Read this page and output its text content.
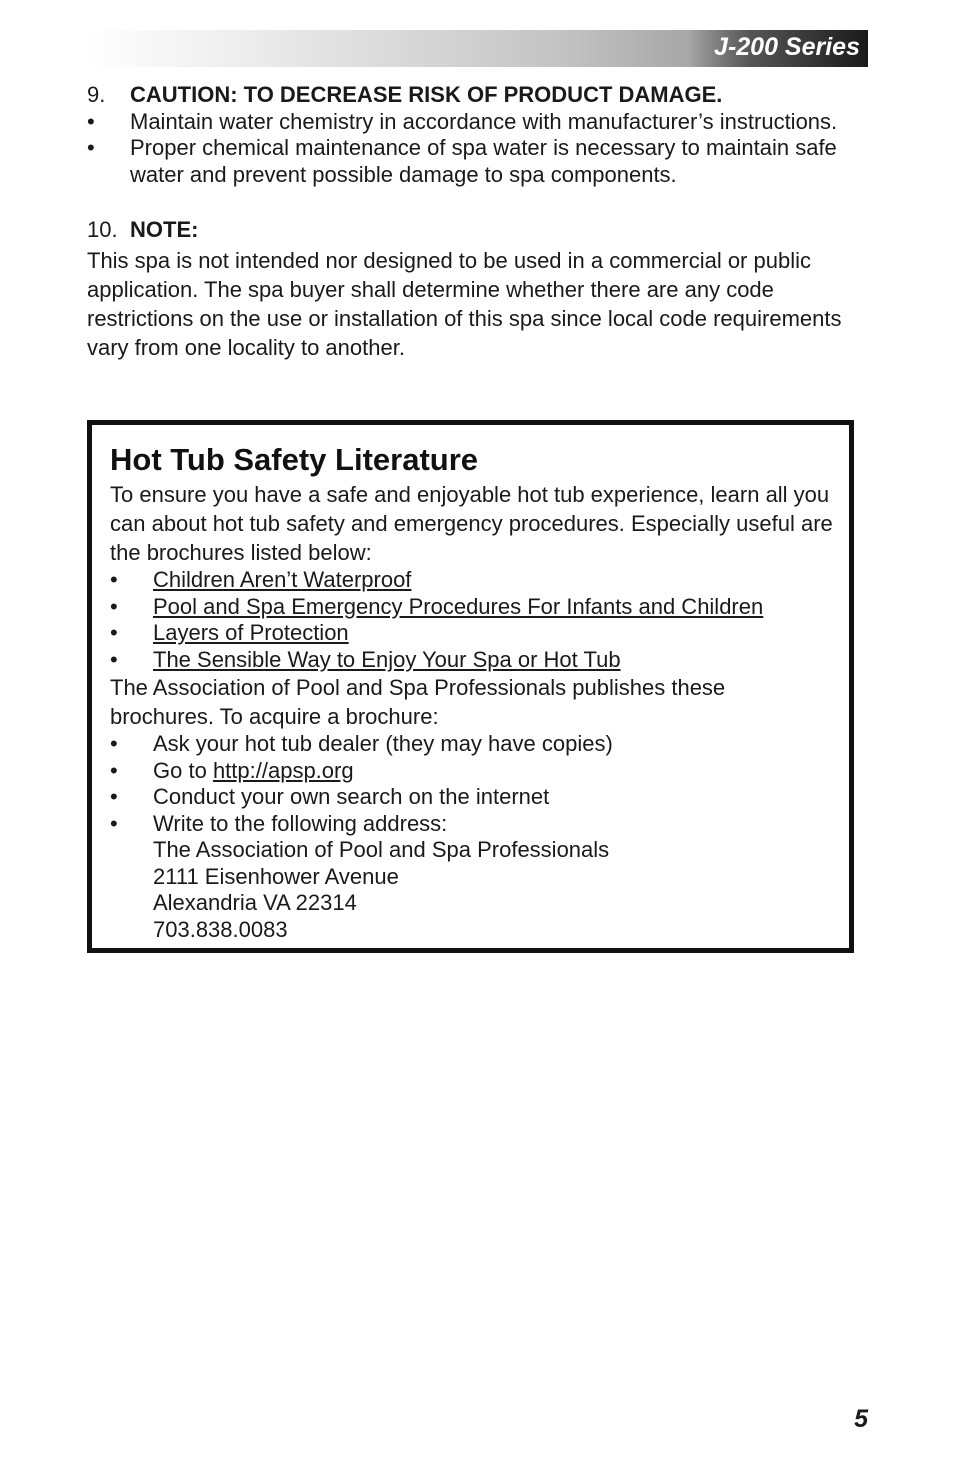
J-200 Series
9.	CAUTION: TO DECREASE RISK OF PRODUCT DAMAGE.
•	Maintain water chemistry in accordance with manufacturer’s instructions.
•	Proper chemical maintenance of spa water is necessary to maintain safe water and prevent possible damage to spa components.
10. NOTE:

This spa is not intended nor designed to be used in a commercial or public application. The spa buyer shall determine whether there are any code restrictions on the use or installation of this spa since local code requirements vary from one locality to another.

Hot Tub Safety Literature

To ensure you have a safe and enjoyable hot tub experience, learn all you can about hot tub safety and emergency procedures. Especially useful are the brochures listed below:

•	Children Aren’t Waterproof
•	Pool and Spa Emergency Procedures For Infants and Children
•	Layers of Protection
•	The Sensible Way to Enjoy Your Spa or Hot Tub

The Association of Pool and Spa Professionals publishes these brochures. To acquire a brochure:

•	Ask your hot tub dealer (they may have copies)
•	Go to http://apsp.org
•	Conduct your own search on the internet
•	Write to the following address:
The Association of Pool and Spa Professionals
2111 Eisenhower Avenue
Alexandria VA 22314
703.838.0083
5
